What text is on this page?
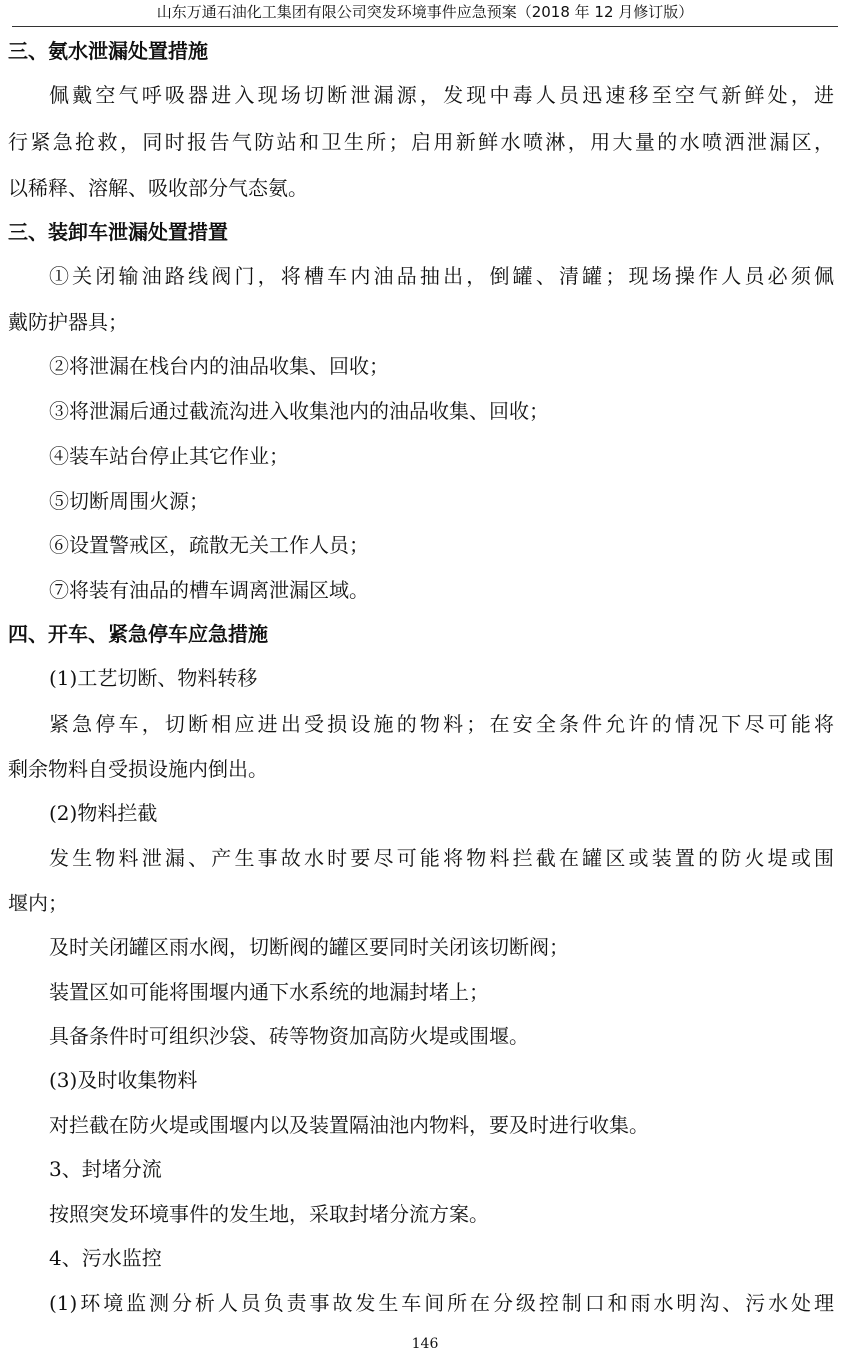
山东万通石油化工集团有限公司突发环境事件应急预案（2018 年 12 月修订版）
三、氨水泄漏处置措施
佩戴空气呼吸器进入现场切断泄漏源，发现中毒人员迅速移至空气新鲜处，进
行紧急抢救，同时报告气防站和卫生所；启用新鲜水喷淋，用大量的水喷洒泄漏区，
以稀释、溶解、吸收部分气态氨。
三、装卸车泄漏处置措置
①关闭输油路线阀门，将槽车内油品抽出，倒罐、清罐；现场操作人员必须佩
戴防护器具；
②将泄漏在栈台内的油品收集、回收；
③将泄漏后通过截流沟进入收集池内的油品收集、回收；
④装车站台停止其它作业；
⑤切断周围火源；
⑥设置警戒区，疏散无关工作人员；
⑦将装有油品的槽车调离泄漏区域。
四、开车、紧急停车应急措施
(1)工艺切断、物料转移
紧急停车，切断相应进出受损设施的物料；在安全条件允许的情况下尽可能将
剩余物料自受损设施内倒出。
(2)物料拦截
发生物料泄漏、产生事故水时要尽可能将物料拦截在罐区或装置的防火堤或围
堰内；
及时关闭罐区雨水阀，切断阀的罐区要同时关闭该切断阀；
装置区如可能将围堰内通下水系统的地漏封堵上；
具备条件时可组织沙袋、砖等物资加高防火堤或围堰。
(3)及时收集物料
对拦截在防火堤或围堰内以及装置隔油池内物料，要及时进行收集。
3、封堵分流
按照突发环境事件的发生地，采取封堵分流方案。
4、污水监控
(1)环境监测分析人员负责事故发生车间所在分级控制口和雨水明沟、污水处理
146
